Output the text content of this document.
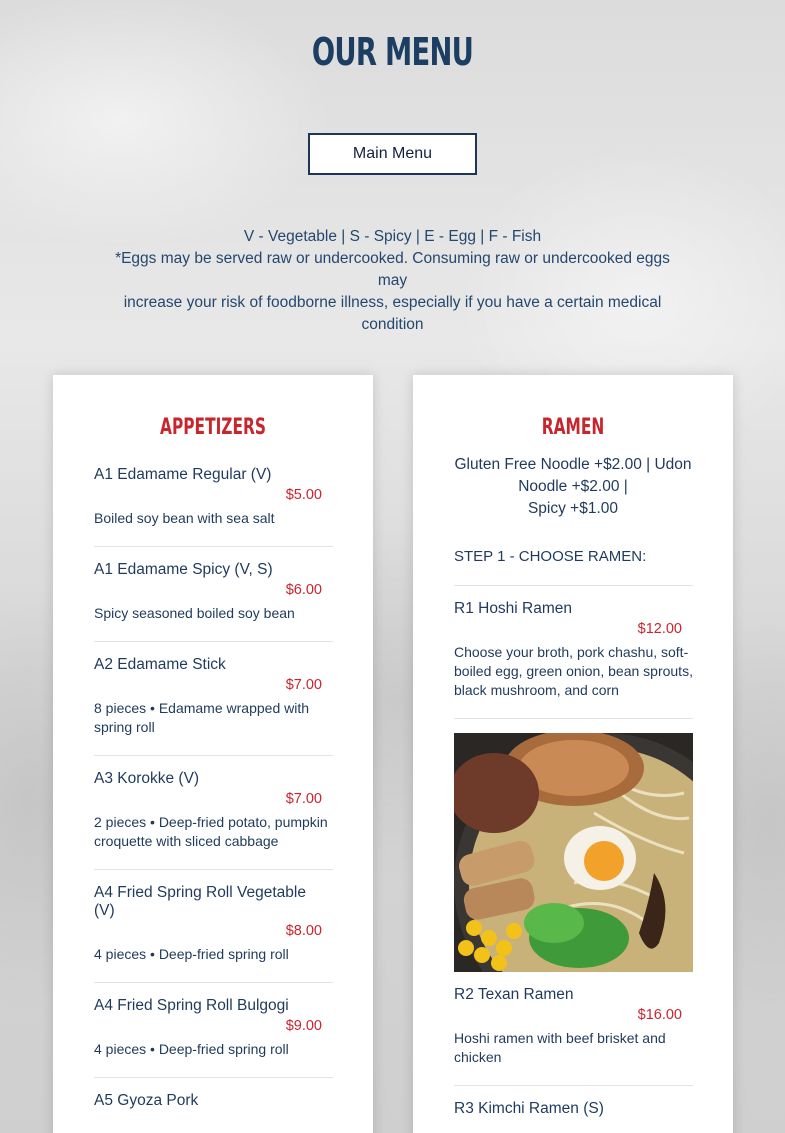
OUR MENU
Main Menu

V - Vegetable | S - Spicy | E - Egg | F - Fish

*Eggs may be served raw or undercooked. Consuming raw or undercooked eggs may

increase your risk of foodborne illness, especially if you have a certain medical condition

APPETIZERS
A1 Edamame Regular (V)
$5.00
Boiled soy bean with sea salt
A1 Edamame Spicy (V, S)
$6.00
Spicy seasoned boiled soy bean
A2 Edamame Stick
$7.00
8 pieces • Edamame wrapped with spring roll
A3 Korokke (V)
$7.00
2 pieces • Deep-fried potato, pumpkin croquette with sliced cabbage
A4 Fried Spring Roll Vegetable (V)
$8.00
4 pieces • Deep-fried spring roll
A4 Fried Spring Roll Bulgogi
$9.00
4 pieces • Deep-fried spring roll
A5 Gyoza Pork
RAMEN
Gluten Free Noodle +$2.00 | Udon Noodle +$2.00 |
Spicy +$1.00
STEP 1 - CHOOSE RAMEN:
R1 Hoshi Ramen
$12.00
Choose your broth, pork chashu, soft-boiled egg, green onion, bean sprouts, black mushroom, and corn
R2 Texan Ramen
$16.00
Hoshi ramen with beef brisket and chicken
R3 Kimchi Ramen (S)
